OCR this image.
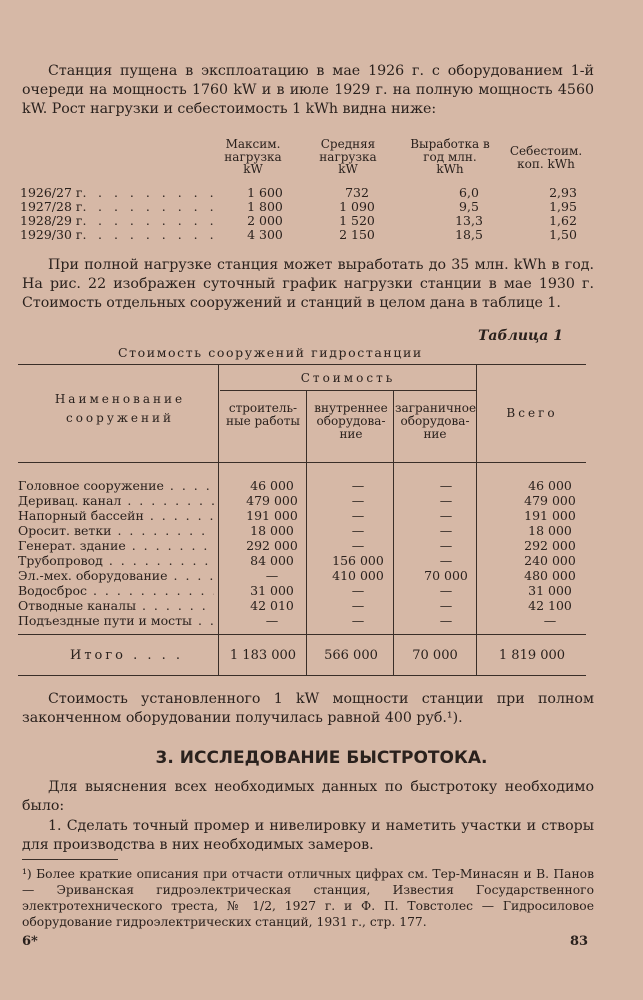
Станция пущена в эксплоатацию в мае 1926 г. с оборудованием 1-й очереди на мощность 1760 kW и в июле 1929 г. на полную мощность 4560 kW. Рост нагрузки и себестоимость 1 kWh видна ниже:
Максим. нагрузка kW
Средняя нагрузка kW
Выработка в год млн. kWh
Себестоим. коп. kWh
1926/27 г. . . . . . . . .	1 600	732	6,0	2,93
1927/28 г. . . . . . . . .	1 800	1 090	9,5	1,95
1928/29 г. . . . . . . . .	2 000	1 520	13,3	1,62
1929/30 г. . . . . . . . .	4 300	2 150	18,5	1,50
При полной нагрузке станция может выработать до 35 млн. kWh в год. На рис. 22 изображен суточный график нагрузки станции в мае 1930 г. Стоимость отдельных сооружений и станций в целом дана в таблице 1.
Таблица 1
Стоимость сооружений гидростанции
Наименование сооружений
Стоимость
строитель-ные работы
внутреннее оборудова-ние
заграничное оборудова-ние
Всего
Головное сооружение . . .	46 000	—	—	46 000
Деривац. канал . . .	479 000	—	—	479 000
Напорный бассейн . . .	191 000	—	—	191 000
Оросит. ветки . . .	18 000	—	—	18 000
Генерат. здание . . .	292 000	—	—	292 000
Трубопровод . . .	84 000	156 000	—	240 000
Эл.-мех. оборудование . . .	—	410 000	70 000	480 000
Водосброс . . .	31 000	—	—	31 000
Отводные каналы . . .	42 010	—	—	42 100
Подъездные пути и мосты . . .	—	—	—	—
Итого . . . .	1 183 000	566 000	70 000	1 819 000
Стоимость установленного 1 kW мощности станции при полном законченном оборудовании получилась равной 400 руб.¹).
3. ИССЛЕДОВАНИЕ БЫСТРОТОКА.
Для выяснения всех необходимых данных по быстротоку необходимо было:
1. Сделать точный промер и нивелировку и наметить участки и створы для производства в них необходимых замеров.
¹) Более краткие описания при отчасти отличных цифрах см. Тер-Минасян и В. Панов — Эриванская гидроэлектрическая станция, Известия Государственного электротехнического треста, № 1/2, 1927 г. и Ф. П. Товстолес — Гидросиловое оборудование гидроэлектрических станций, 1931 г., стр. 177.
6*	83
